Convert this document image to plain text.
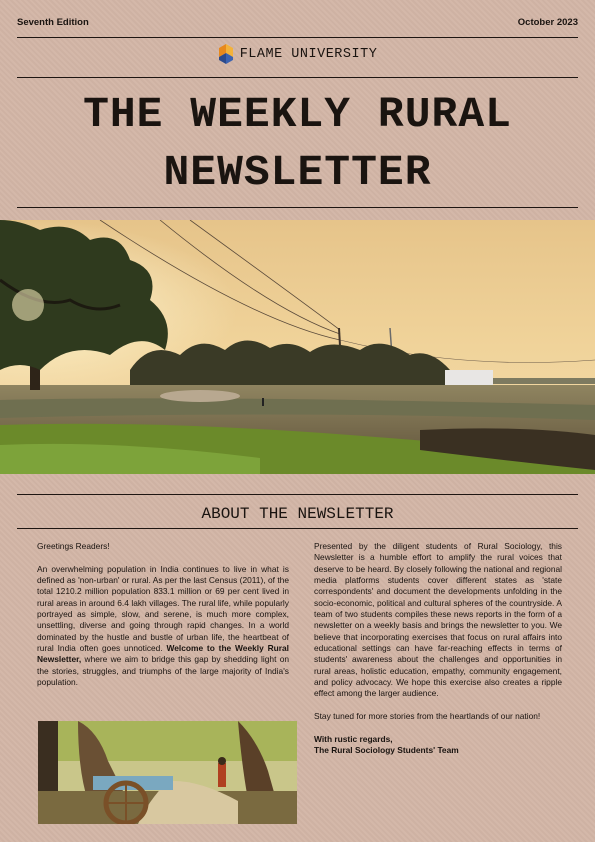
Seventh Edition	October 2023
FLAME UNIVERSITY
THE WEEKLY RURAL
NEWSLETTER
ABOUT THE NEWSLETTER

Greetings Readers!

An overwhelming population in India continues to live in what is defined as 'non-urban' or rural. As per the last Census (2011), of the total 1210.2 million population 833.1 million or 69 per cent lived in rural areas in around 6.4 lakh villages. The rural life, while popularly portrayed as simple, slow, and serene, is much more complex, unsettling, diverse and going through rapid changes. In a world dominated by the hustle and bustle of urban life, the heartbeat of rural India often goes unnoticed. Welcome to the Weekly Rural Newsletter, where we aim to bridge this gap by shedding light on the stories, struggles, and triumphs of the large majority of India's population.

Presented by the diligent students of Rural Sociology, this Newsletter is a humble effort to amplify the rural voices that deserve to be heard. By closely following the national and regional media platforms students cover different states as 'state correspondents' and document the developments unfolding in the socio-economic, political and cultural spheres of the countryside. A team of two students compiles these news reports in the form of a newsletter on a weekly basis and brings the newsletter to you. We believe that incorporating exercises that focus on rural affairs into educational settings can have far-reaching effects in terms of students' awareness about the challenges and opportunities in rural areas, holistic education, empathy, community engagement, and policy advocacy. We hope this exercise also creates a ripple effect among the larger audience.

Stay tuned for more stories from the heartlands of our nation!

With rustic regards,

The Rural Sociology Students' Team
